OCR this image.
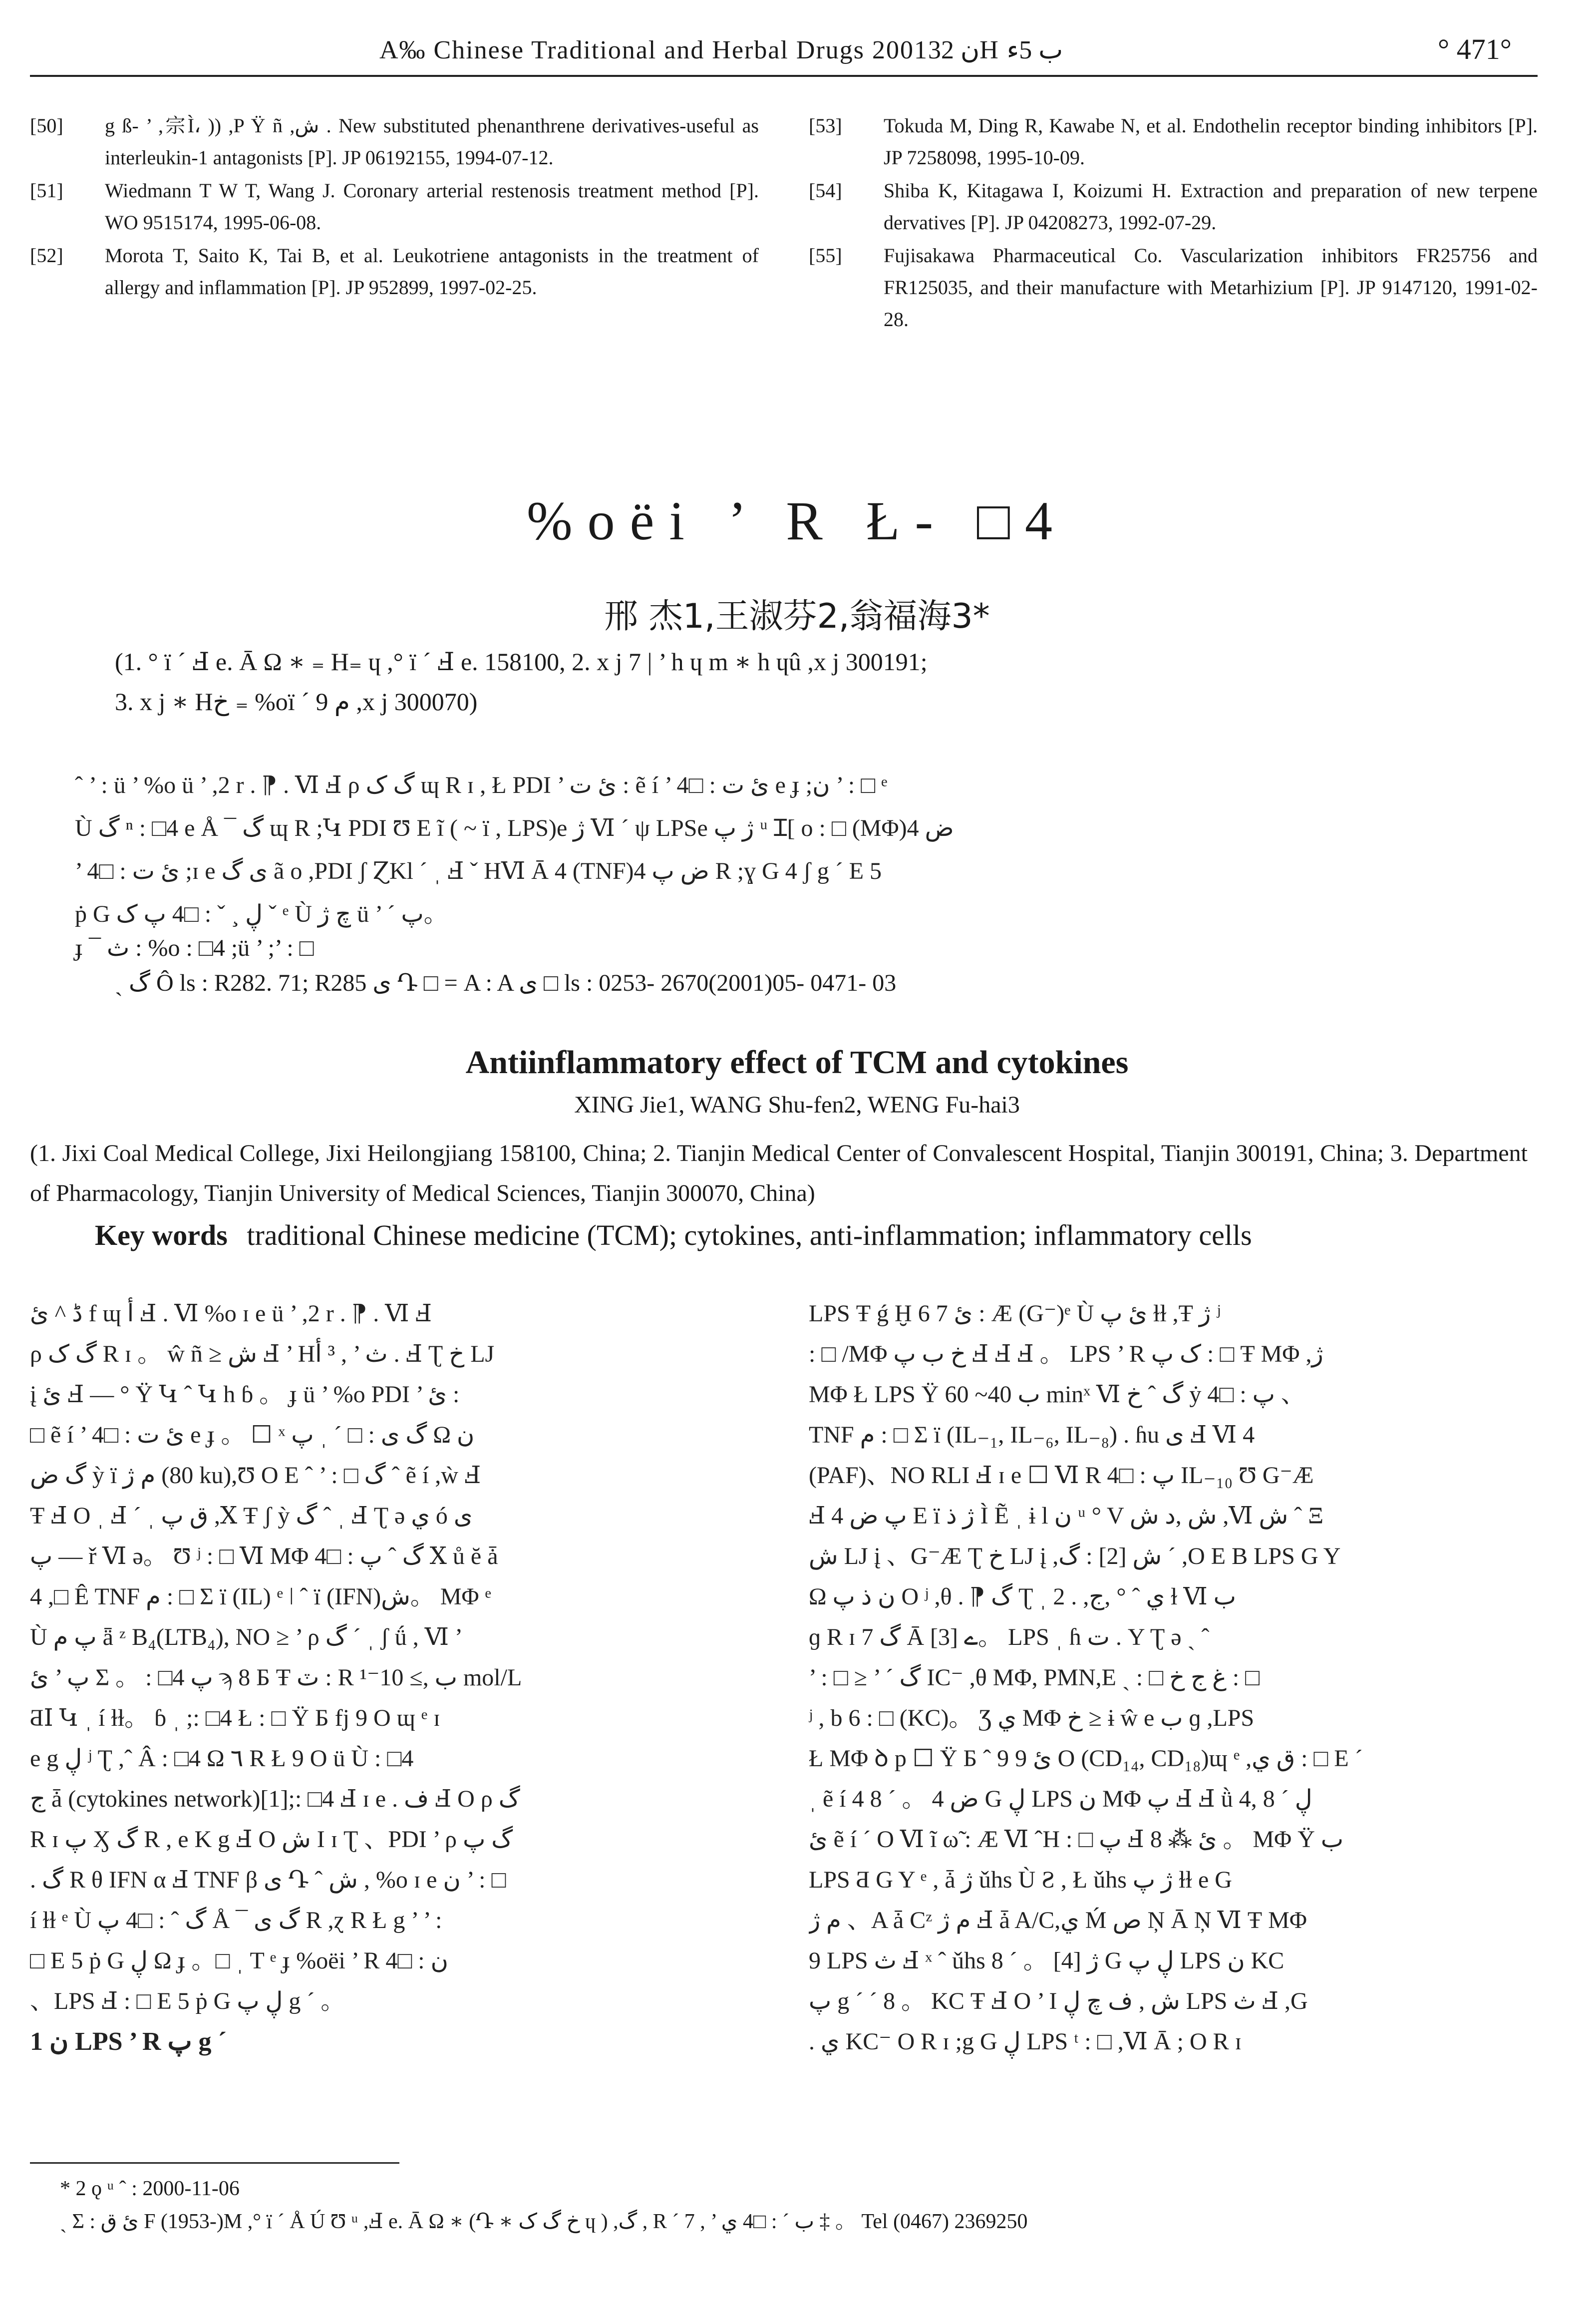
A‰ Chinese Traditional and Herbal Drugs 2001ن 32H ب 5ء	° 471°
[50]	g ß- ’ ,宗Ì، )) ,P Ÿ ñ ,ش . New substituted phenanthrene derivatives-useful as interleukin-1 antagonists [P]. JP 06192155, 1994-07-12.
[51]	Wiedmann T W T, Wang J. Coronary arterial restenosis treatment method [P]. WO 9515174, 1995-06-08.
[52]	Morota T, Saito K, Tai B, et al. Leukotriene antagonists in the treatment of allergy and inflammation [P]. JP 952899, 1997-02-25.
[53]	Tokuda M, Ding R, Kawabe N, et al. Endothelin receptor binding inhibitors [P]. JP 7258098, 1995-10-09.
[54]	Shiba K, Kitagawa I, Koizumi H. Extraction and preparation of new terpene dervatives [P]. JP 04208273, 1992-07-29.
[55]	Fujisakawa Pharmaceutical Co. Vascularization inhibitors FR25756 and FR125035, and their manufacture with Metarhizium [P]. JP 9147120, 1991-02-28.
%oëi ’ R Ł- □4
邢 杰1,王淑芬2,翁福海3*
(1. ° ï ´ Ⅎ e. Ā Ω ∗ ₌ H₌ ɥ ,° ï ´ Ⅎ e. 158100, 2. x j 7 | ’ h ɥ m ∗ h ɥû ,x j 300191;
3. x j ∗ Hخ ₌ %oï ´ م 9 ,x j 300070)
ˆ ’ : ü ’ %o ü ’ ,2 r . ⁋ . Ⅵ Ⅎ ρ گ ک ɰ R ɪ , Ł PDI ’ ئ ت : ẽ í ’ ئ ت : □4 e ɟ ;ن ’ : □ ᵉ
Ù گ ⁿ : □4 e Å ¯ گ ɰ R ;Կ PDI Ʊ E ĩ ( ~ ï , LPS)e ژ Ⅵ ´ ψ LPSe ژ پ ᵘ Ɪ[ o : □ (MΦ)4 ض
’ ئ ت : □4 ;ɪ e ی گ ã o ,PDI ʃ ⱿKl ´ ˌ Ⅎ ˇ HⅥ Ā 4 (TNF)4 ض پ R ;ɣ G 4 ʃ g ´ E 5
ṗ G ڸ ¸ ˇ : □4 پ ک ˇ ᵉ Ù چ ژ ü ’ ´ پ。
ɟ ¯ ث : %o : □4 ;ü ’ ;’ : □
ˎ گ Ô ls : R282. 71; R285 ی Դ □ = A : A ی □ ls : 0253- 2670(2001)05- 0471- 03
Antiinflammatory effect of TCM and cytokines
XING Jie1, WANG Shu-fen2, WENG Fu-hai3
(1. Jixi Coal Medical College, Jixi Heilongjiang 158100, China; 2. Tianjin Medical Center of Convalescent Hospital, Tianjin 300191, China; 3. Department of Pharmacology, Tianjin University of Medical Sciences, Tianjin 300070, China)
Key words traditional Chinese medicine (TCM); cytokines, anti-inflammation; inflammatory cells
ڈ ^ ئ f ɰ أ Ⅎ . Ⅵ %o ɪ e ü ’ ,2 r . ⁋ . Ⅵ Ⅎ
ρ گ ک R ɪ 。 ŵ ñ ≥ ش Ⅎ ’ Hث ’ , ³ أ . Ⅎ Ʈ خ LJ
į ئ Ⅎ — ° Ÿ Կ ˆ Կ h ɓ 。 ɟ ü ’ %o PDI ’ ئ :
□ ẽ í ’ ئ ت : □4 e ɟ 。 ☐ ˣ گ ی : □ ´ ˌ پ Ω ن
گ ض ỳ ï م ژ (80 ku),Ʊ O E ˆ ’ : □ گ ˆ ẽ í ,ẁ Ⅎ
Ŧ Ⅎ O ˌ Ⅎ ´ ˌ ق پ ,Ⅹ Ŧ ʃ ỳ گ ˆ ˌ Ⅎ Ʈ ə ي ó ى
پ — ř Ⅵ ə。 Ʊ ʲ : □ Ⅵ MΦ گ ˆ پ : □4 Ⅹ ů ĕ ǡ
4 ,□ Ê TNF م : □ Ʃ ï (IL) ᵉ ǀ ˆ ï (IFN)ش。 MΦ ᵉ
Ù پ م ǟ ᶻ B₄(LTB₄), NO ≥ ’ ρ گ ´ ˌ ʃ ǘ , Ⅵ ’
پ ’ ئ Ʃ 。 : □4 پ ϡ 8 Б Ŧ ٽ : R ب ,≥ 10⁻¹ mol/L
ƋⅠ Կ ˌ í ɫɫ。 ɓ ˌ ;: □4 Ł : □ Ÿ Б fj 9 O ɰ ᵉ ɪ
e g ڸ ʲ Ʈ ,ˆ Â : □4 Ω ٦ R Ł 9 O ü Ù : □4
ج ǡ (cytokines network)[1];: □4 Ⅎ ɪ e . ف Ⅎ O ρ گ
R ɪ پ Ӽ گ R , e K g Ⅎ O ش I ɪ Ʈ 、PDI ’ ρ گ پ
. گ R θ IFN α Ⅎ TNF β ی Դ ˆ ش , %o ɪ e ن ’ : □
í ɫɫ ᵉ Ù گ ˆ : □4 پ Å ¯ گ ی R ,ɀ R Ł g ’ ’ :
□ E 5 ṗ G ڸ Ω ɟ 。□ ˌ T ᵉ ɟ %oëi ’ R ن : □4
、LPS Ⅎ : □ E 5 ṗ G ڸ پ g ´ 。
1 ن LPS ’ R پ g ´
LPS Ŧ ǵ Ḫ 6 7 ئ : Æ (G⁻)ᵉ Ù ئ پ ɫɫ ,Ŧ ژ ʲ
: □ /MΦ خ ب پ Ⅎ Ⅎ Ⅎ 。 LPS ’ R ک پ : □ Ŧ MΦ ,ژ
MΦ Ł LPS Ÿ ب 40~ 60 minˣ Ⅵ گ ˆ خ ẏ پ : □4 、
TNF م : □ Ʃ ï (IL₋₁, IL₋₆, IL₋₈) . ɦu ی Ⅎ Ⅵ 4
(PAF)、NO RLI Ⅎ ɪ e ☐ Ⅵ R پ : □4 IL₋₁₀ Ʊ G⁻Æ
Ⅎ 4 پ ض E ï ژ ذ Ì Ẽ ˌ ɨ l ن ᵘ ° V ش ,د ش ,Ⅵ ش ˆ Ξ
ش LJ į 、G⁻Æ Ʈ خ LJ į ,ش [2] : گ ´ ,O E B LPS G Y
Ω ن ذ پ O ʲ ,θ . ⁋ گ Ʈ ˌ 2 . ,ي ˆ ° ,ج ɫ Ⅵ ب
ɡ R ɪ 7 گ Ā ے [3]。 LPS ˌ ɦ ت . Y Ʈ ə ˏ ˆ
’ : □ ≥ ’ ´ گ IC⁻ ,θ MΦ, PMN,E ˏ : □ غ ج خ : □
ʲ , b 6 : □ (KC)。 Ʒ ي MΦ خ ≥ ɨ ŵ e ب ɡ ,LPS
Ł MΦ ꝺ p ☐ Ÿ Б ˆ 9 ئ 9 O (CD₁₄, CD₁₈)ɰ ᵉ ,ق ي : □ E ´
ˌ ẽ í 4 ض 4 。 ´ 8 G ڸ LPS ن MΦ پ Ⅎ Ⅎ ǜ ڸ ´ 8 ,4
ئ ẽ í ´ O Ⅵ ĩ ω̃ : Æ Ⅵ ˆH : □ پ Ⅎ ئ ⁂ 8 。 MΦ Ÿ ب
LPS Ƌ G Y ᵉ , ǡ ژ ǔhs Ù Ƨ , Ł ǔhs ژ پ ɫɫ e G
م ژ 、A ǡ Cᶻ م ژ Ⅎ ǡ A/C,ي Ḿ ص Ņ Ā Ņ Ⅵ Ŧ MΦ
9 LPS ث Ⅎ ˣ ˆ ǔhs ژ [4] 。 ´ 8 G ڸ پ LPS ن KC
پ g ´ ´ 8 。 KC Ŧ Ⅎ O ’ I ش , ف چ ڸ LPS ث Ⅎ ,G
. ي KC⁻ O R ɪ ;g G ڸ LPS ᵗ : □ ,Ⅵ Ā ; O R ɪ
* 2 ǫ ᵘ ˆ : 2000-11-06
ˏ Ʃ : ئ ق F (1953-)M ,° ï ´ Å Ú Ʊ ᵘ ,Ⅎ e. Ā Ω ∗ (Դ ∗ خ گ ک ɥ ) ,گ , R ´ 7 , ’ ب ´ : □4 ي ‡ 。 Tel (0467) 2369250
